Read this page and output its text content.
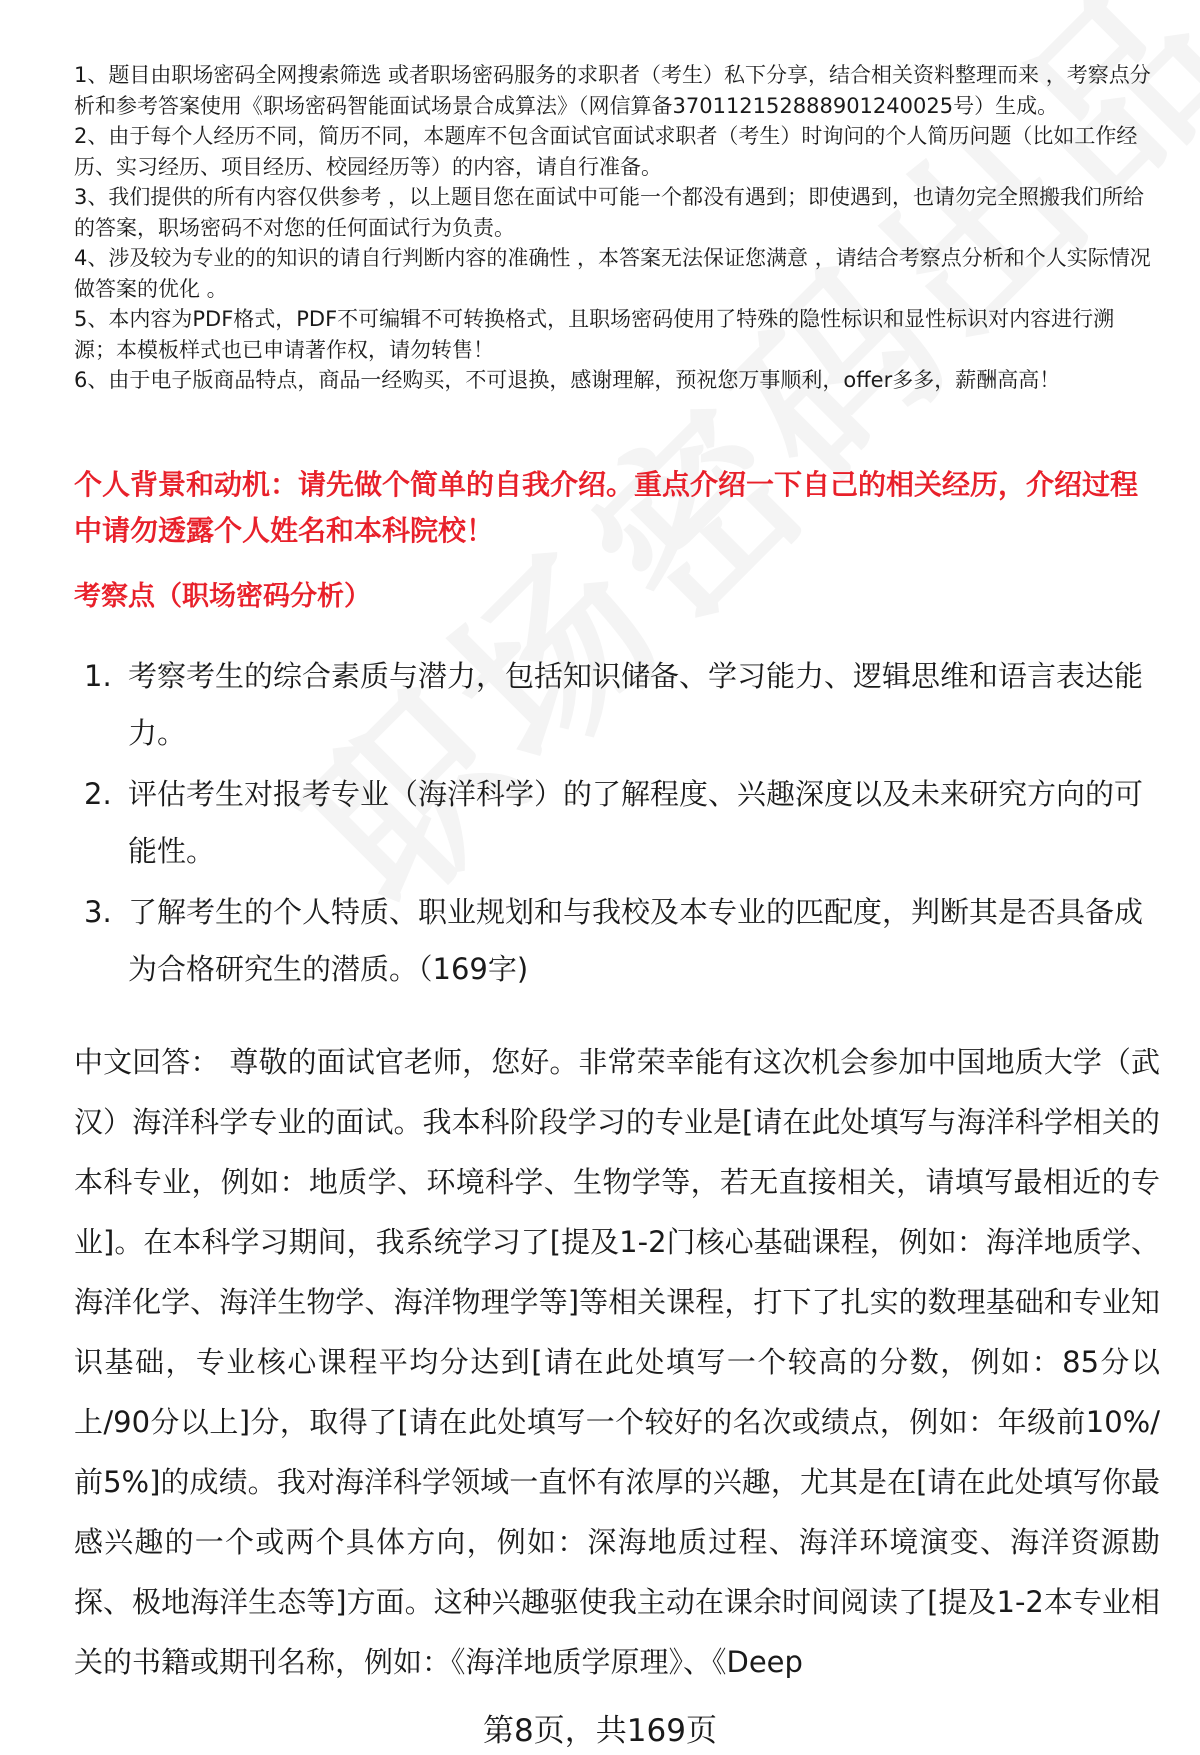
1、题目由职场密码全网搜索筛选 或者职场密码服务的求职者（考生）私下分享，结合相关资料整理而来 ，考察点分析和参考答案使用《职场密码智能面试场景合成算法》（网信算备370112152888901240025号）生成。

2、由于每个人经历不同，简历不同，本题库不包含面试官面试求职者（考生）时询问的个人简历问题（比如工作经历、实习经历、项目经历、校园经历等）的内容，请自行准备。

3、我们提供的所有内容仅供参考 ，以上题目您在面试中可能一个都没有遇到；即使遇到，也请勿完全照搬我们所给的答案，职场密码不对您的任何面试行为负责。

4、涉及较为专业的的知识的请自行判断内容的准确性 ，本答案无法保证您满意 ，请结合考察点分析和个人实际情况做答案的优化 。

5、本内容为PDF格式，PDF不可编辑不可转换格式，且职场密码使用了特殊的隐性标识和显性标识对内容进行溯源；本模板样式也已申请著作权，请勿转售！

6、由于电子版商品特点，商品一经购买，不可退换，感谢理解，预祝您万事顺利，offer多多，薪酬高高！

个人背景和动机：请先做个简单的自我介绍。重点介绍一下自己的相关经历，介绍过程中请勿透露个人姓名和本科院校！
考察点（职场密码分析）
1. 考察考生的综合素质与潜力，包括知识储备、学习能力、逻辑思维和语言表达能力。
2. 评估考生对报考专业（海洋科学）的了解程度、兴趣深度以及未来研究方向的可能性。
3. 了解考生的个人特质、职业规划和与我校及本专业的匹配度，判断其是否具备成为合格研究生的潜质。（169字)
中文回答： 尊敬的面试官老师，您好。非常荣幸能有这次机会参加中国地质大学（武汉）海洋科学专业的面试。我本科阶段学习的专业是[请在此处填写与海洋科学相关的本科专业，例如：地质学、环境科学、生物学等，若无直接相关，请填写最相近的专业]。在本科学习期间，我系统学习了[提及1-2门核心基础课程，例如：海洋地质学、海洋化学、海洋生物学、海洋物理学等]等相关课程，打下了扎实的数理基础和专业知识基础，专业核心课程平均分达到[请在此处填写一个较高的分数，例如：85分以上/90分以上]分，取得了[请在此处填写一个较好的名次或绩点，例如：年级前10%/前5%]的成绩。我对海洋科学领域一直怀有浓厚的兴趣，尤其是在[请在此处填写你最感兴趣的一个或两个具体方向，例如：深海地质过程、海洋环境演变、海洋资源勘探、极地海洋生态等]方面。这种兴趣驱使我主动在课余时间阅读了[提及1-2本专业相关的书籍或期刊名称，例如：《海洋地质学原理》、《Deep
第8页，共169页
